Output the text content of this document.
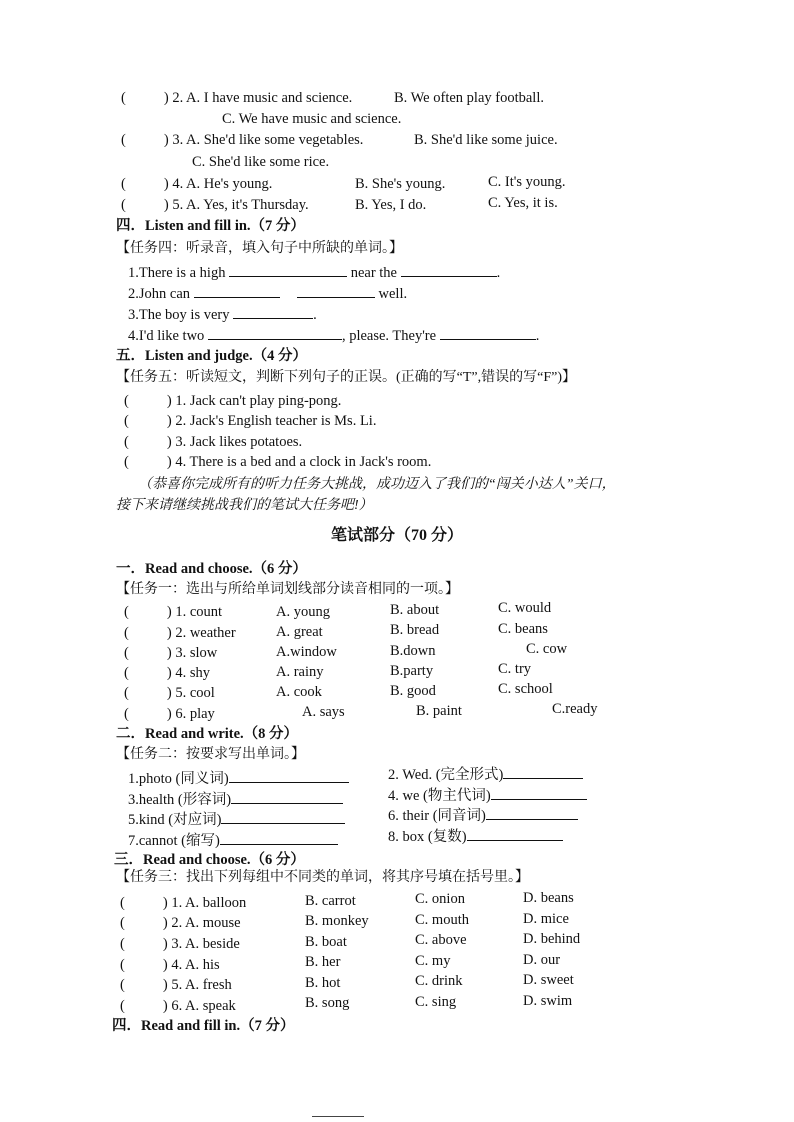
(	) 2. A. I have music and science.	B. We often play football.
C. We have music and science.
(	) 3. A. She'd like some vegetables.	B. She'd like some juice.
C. She'd like some rice.
(	) 4. A. He's young.	B. She's young.	C. It's young.
(	) 5. A. Yes, it's Thursday.	B. Yes, I do.	C. Yes, it is.
四．Listen and fill in.（7 分）
【任务四：听录音，填入句子中所缺的单词。】
1.There is a high	near the	.
2.John can	well.
3.The boy is very	.
4.I'd like two	, please. They're	.
五．Listen and judge.（4 分）
【任务五：听读短文，判断下列句子的正误。(正确的写“T”,错误的写“F”)】
(	) 1. Jack can't play ping-pong.
(	) 2. Jack's English teacher is Ms. Li.
(	) 3. Jack likes potatoes.
(	) 4. There is a bed and a clock in Jack's room.
（恭喜你完成所有的听力任务大挑战，成功迈入了我们的“闯关小达人”关口，
接下来请继续挑战我们的笔试大任务吧!）
笔试部分（70 分）
一．Read and choose.（6 分）
【任务一：选出与所给单词划线部分读音相同的一项。】
(	) 1. count	A. young	B. about	C. would
(	) 2. weather	A. great	B. bread	C. beans
(	) 3. slow	A.window	B.down	C. cow
(	) 4. shy	A. rainy	B.party	C. try
(	) 5. cool	A. cook	B. good	C. school
(	) 6. play	A. says	B. paint	C.ready
二．Read and write.（8 分）
【任务二：按要求写出单词。】
1.photo (同义词)	2. Wed. (完全形式)
3.health (形容词)	4. we (物主代词)
5.kind (对应词)	6. their (同音词)
7.cannot (缩写)	8. box (复数)
三．Read and choose.（6 分）
【任务三：找出下列每组中不同类的单词，将其序号填在括号里。】
(	) 1. A. balloon	B. carrot	C. onion	D. beans
(	) 2. A. mouse	B. monkey	C. mouth	D. mice
(	) 3. A. beside	B. boat	C. above	D. behind
(	) 4. A. his	B. her	C. my	D. our
(	) 5. A. fresh	B. hot	C. drink	D. sweet
(	) 6. A. speak	B. song	C. sing	D. swim
四．Read and fill in.（7 分）
